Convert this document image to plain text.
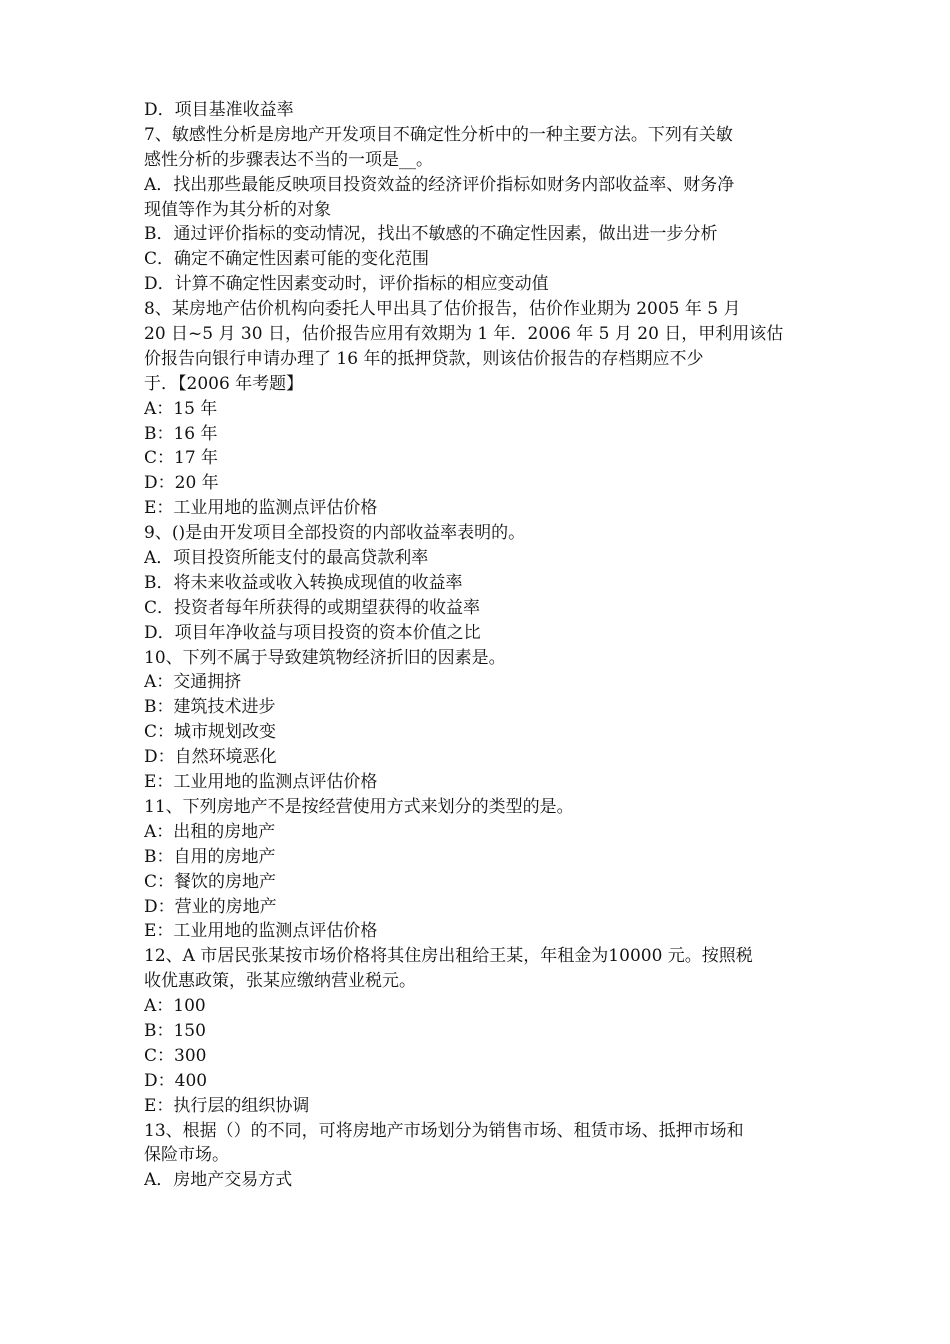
D．项目基准收益率
7、敏感性分析是房地产开发项目不确定性分析中的一种主要方法。下列有关敏
感性分析的步骤表达不当的一项是__。
A．找出那些最能反映项目投资效益的经济评价指标如财务内部收益率、财务净
现值等作为其分析的对象
B．通过评价指标的变动情况，找出不敏感的不确定性因素，做出进一步分析
C．确定不确定性因素可能的变化范围
D．计算不确定性因素变动时，评价指标的相应变动值
8、某房地产估价机构向委托人甲出具了估价报告，估价作业期为 2005 年 5 月
20 日~5 月 30 日，估价报告应用有效期为 1 年．2006 年 5 月 20 日，甲利用该估
价报告向银行申请办理了 16 年的抵押贷款，则该估价报告的存档期应不少
于．【2006 年考题】
A：15 年
B：16 年
C：17 年
D：20 年
E：工业用地的监测点评估价格
9、()是由开发项目全部投资的内部收益率表明的。
A．项目投资所能支付的最高贷款利率
B．将未来收益或收入转换成现值的收益率
C．投资者每年所获得的或期望获得的收益率
D．项目年净收益与项目投资的资本价值之比
10、下列不属于导致建筑物经济折旧的因素是。
A：交通拥挤
B：建筑技术进步
C：城市规划改变
D：自然环境恶化
E：工业用地的监测点评估价格
11、下列房地产不是按经营使用方式来划分的类型的是。
A：出租的房地产
B：自用的房地产
C：餐饮的房地产
D：营业的房地产
E：工业用地的监测点评估价格
12、A 市居民张某按市场价格将其住房出租给王某，年租金为10000 元。按照税
收优惠政策，张某应缴纳营业税元。
A：100
B：150
C：300
D：400
E：执行层的组织协调
13、根据（）的不同，可将房地产市场划分为销售市场、租赁市场、抵押市场和
保险市场。
A．房地产交易方式
